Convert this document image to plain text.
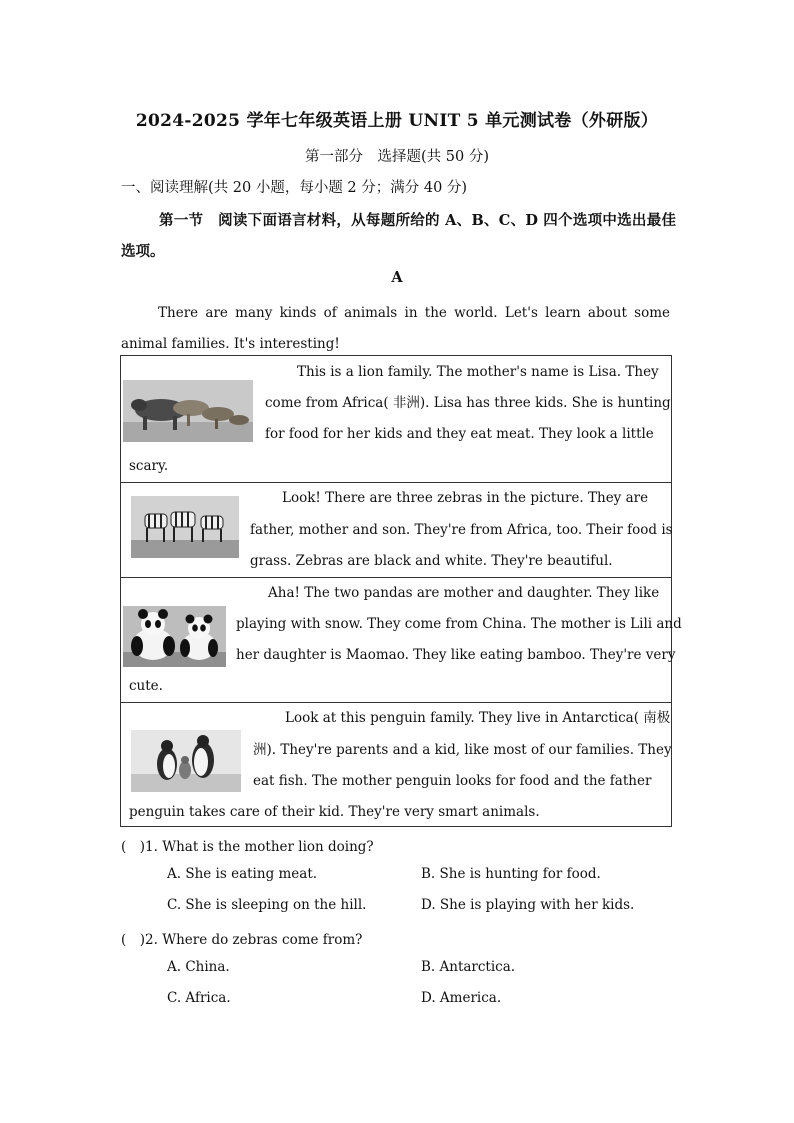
2024-2025 学年七年级英语上册 UNIT 5 单元测试卷（外研版）
第一部分　选择题(共 50 分)
一、阅读理解(共 20 小题，每小题 2 分；满分 40 分)
第一节　阅读下面语言材料，从每题所给的 A、B、C、D 四个选项中选出最佳选项。
A
There are many kinds of animals in the world. Let's learn about some animal families. It's interesting!
This is a lion family. The mother's name is Lisa. They
come from Africa( 非洲). Lisa has three kids. She is hunting
for food for her kids and they eat meat. They look a little
scary.
Look! There are three zebras in the picture. They are
father, mother and son. They're from Africa, too. Their food is
grass. Zebras are black and white. They're beautiful.
Aha! The two pandas are mother and daughter. They like
playing with snow. They come from China. The mother is Lili and
her daughter is Maomao. They like eating bamboo. They're very
cute.
Look at this penguin family. They live in Antarctica( 南极
洲). They're parents and a kid, like most of our families. They
eat fish. The mother penguin looks for food and the father
penguin takes care of their kid. They're very smart animals.
(　)1. What is the mother lion doing?
A. She is eating meat.	B. She is hunting for food.
C. She is sleeping on the hill.	D. She is playing with her kids.
(　)2. Where do zebras come from?
A. China.	B. Antarctica.
C. Africa.	D. America.
